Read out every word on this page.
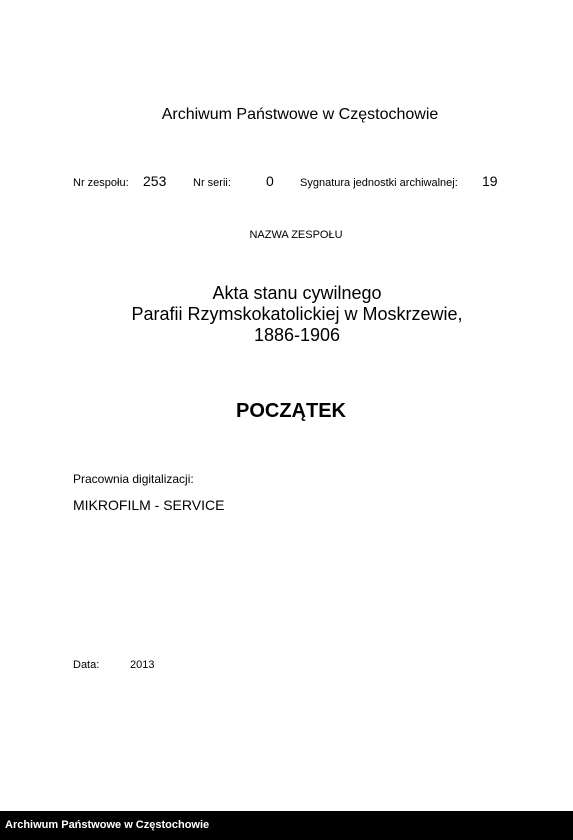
Archiwum Państwowe w Częstochowie
Nr zespołu: 253 Nr serii:	0 Sygnatura jednostki archiwalnej: 19
NAZWA ZESPOŁU
Akta stanu cywilnego
Parafii Rzymskokatolickiej w Moskrzewie,
1886-1906
POCZĄTEK
Pracownia digitalizacji:
MIKROFILM - SERVICE
Data:	2013
Archiwum Państwowe w Częstochowie
